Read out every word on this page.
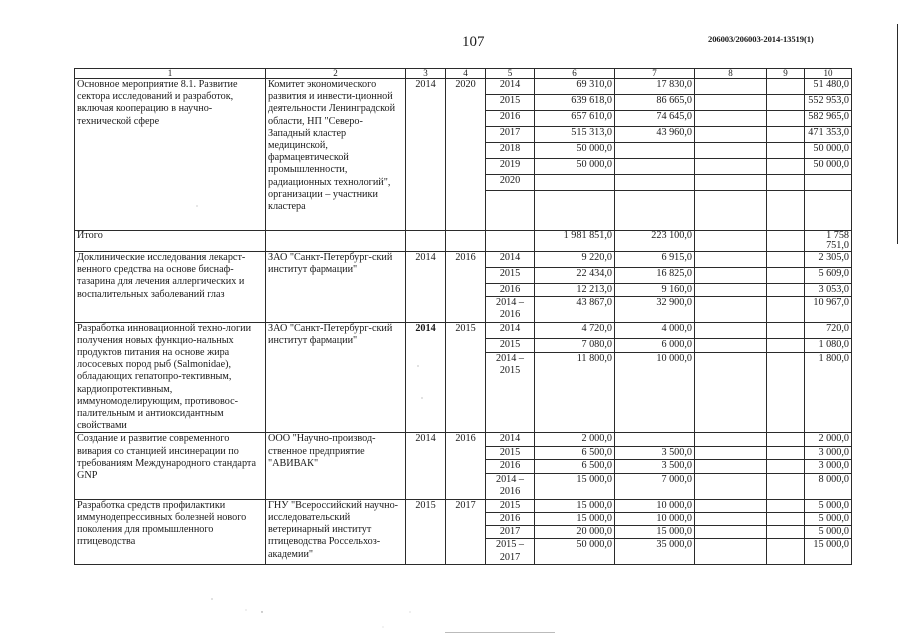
107	206003/206003-2014-13519(1)
1	2	3	4	5	6	7	8	9	10
Основное мероприятие 8.1. Развитие сектора исследований и разработок, включая кооперацию в научно-технической сфере	Комитет экономического развития и инвести-ционной деятельности Ленинградской области, НП "Северо-Западный кластер медицинской, фармацевтической промышленности, радиационных технологий", организации – участники кластера	2014	2020	2014	69 310,0	17 830,0			51 480,0
				2015	639 618,0	86 665,0			552 953,0
				2016	657 610,0	74 645,0			582 965,0
				2017	515 313,0	43 960,0			471 353,0
				2018	50 000,0				50 000,0
				2019	50 000,0				50 000,0
				2020					

Итого					1 981 851,0	223 100,0			1 758 751,0
Доклинические исследования лекарст-венного средства на основе биснаф-тазарина для лечения аллергических и воспалительных заболеваний глаз	ЗАО "Санкт-Петербург-ский институт фармации"	2014	2016	2014	9 220,0	6 915,0			2 305,0
				2015	22 434,0	16 825,0			5 609,0
				2016	12 213,0	9 160,0			3 053,0
				2014 – 2016	43 867,0	32 900,0			10 967,0
Разработка инновационной техно-логии получения новых функцио-нальных продуктов питания на основе жира лососевых пород рыб (Salmonidae), обладающих гепатопро-тективным, кардиопротективным, иммуномоделирующим, противовос-палительным и антиоксидантным свойствами	ЗАО "Санкт-Петербург-ский институт фармации"	2014	2015	2014	4 720,0	4 000,0			720,0
				2015	7 080,0	6 000,0			1 080,0
				2014 – 2015	11 800,0	10 000,0			1 800,0
Создание и развитие современного вивария со станцией инсинерации по требованиям Международного стандарта GNP	ООО "Научно-производ-ственное предприятие "АВИВАК"	2014	2016	2014	2 000,0				2 000,0
				2015	6 500,0	3 500,0			3 000,0
				2016	6 500,0	3 500,0			3 000,0
				2014 – 2016	15 000,0	7 000,0			8 000,0
Разработка средств профилактики иммунодепрессивных болезней нового поколения для промышленного птицеводства	ГНУ "Всероссийский научно-исследовательский ветеринарный институт птицеводства Россельхоз-академии"	2015	2017	2015	15 000,0	10 000,0			5 000,0
				2016	15 000,0	10 000,0			5 000,0
				2017	20 000,0	15 000,0			5 000,0
				2015 – 2017	50 000,0	35 000,0			15 000,0
